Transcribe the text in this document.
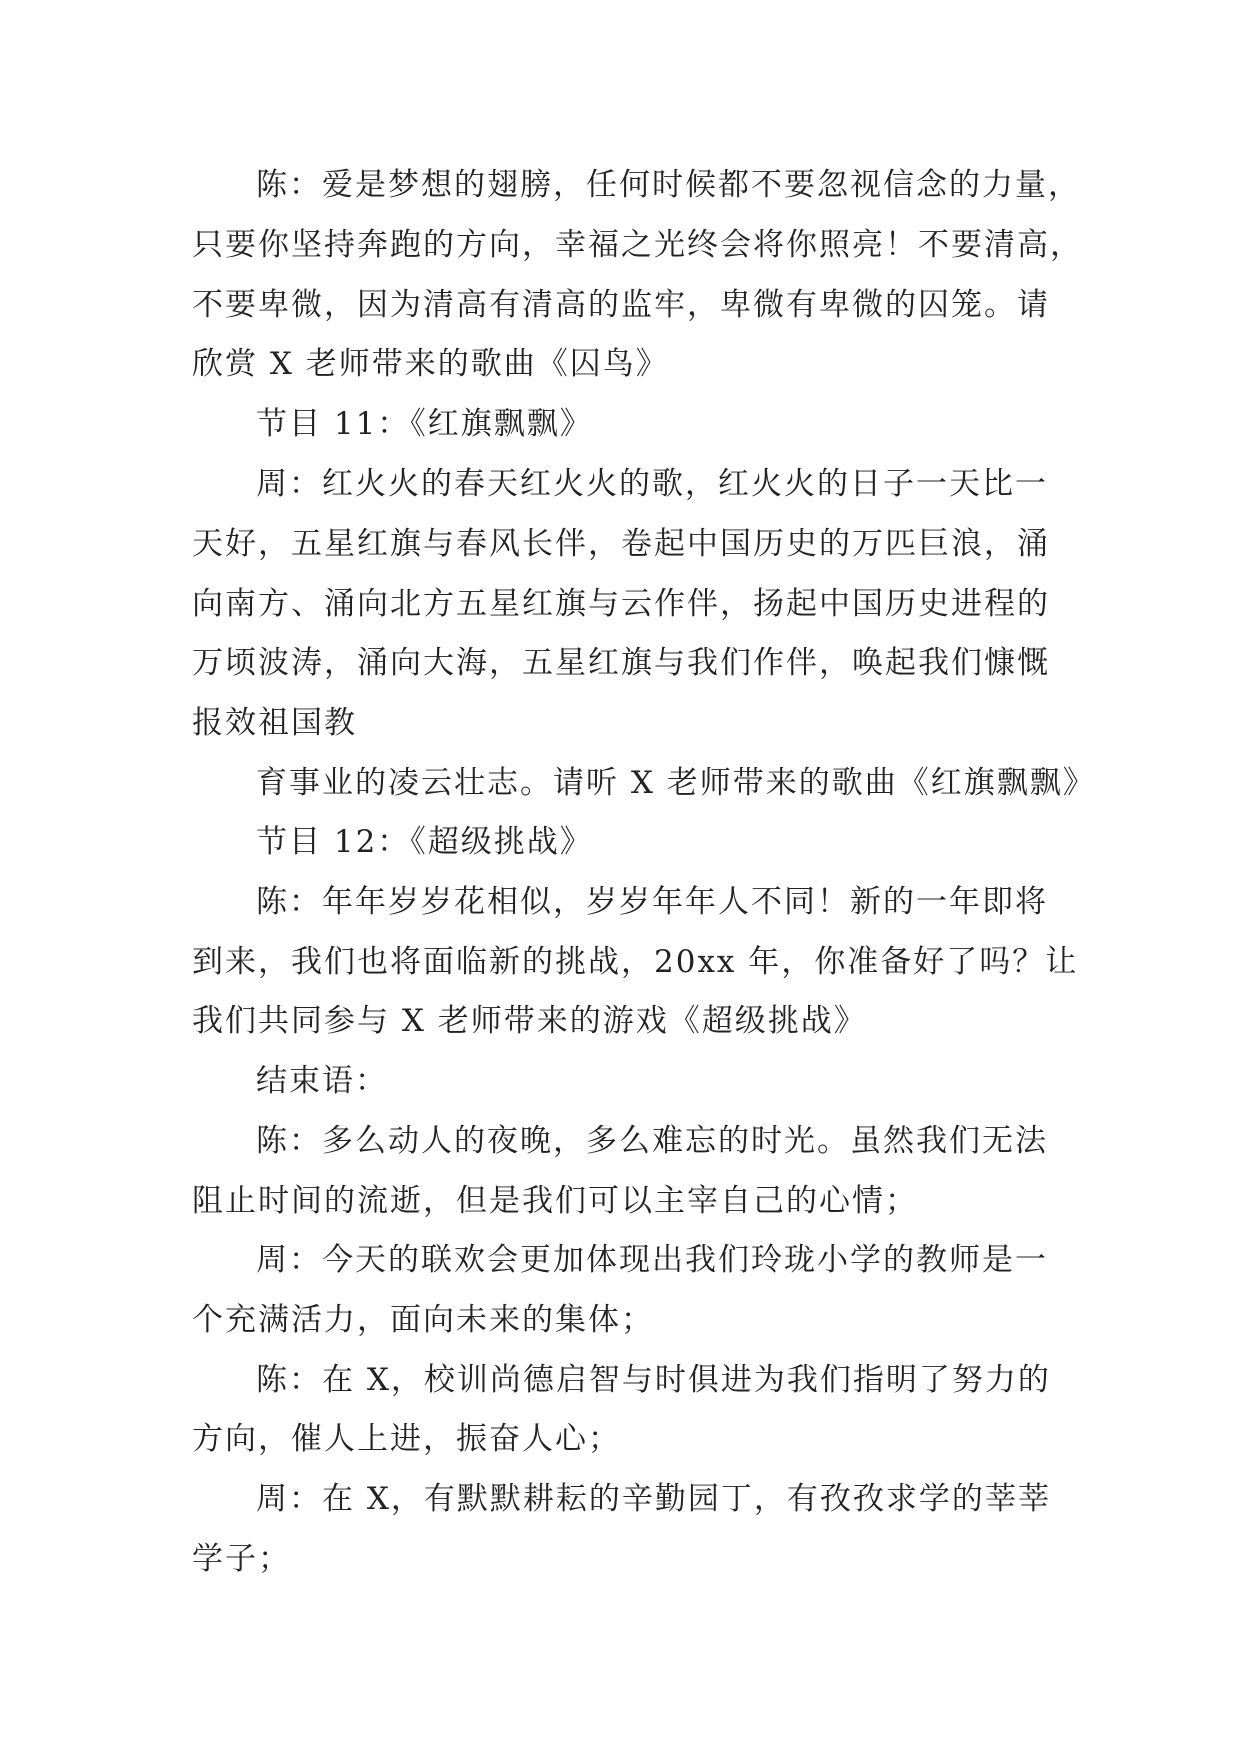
陈：爱是梦想的翅膀，任何时候都不要忽视信念的力量，
只要你坚持奔跑的方向，幸福之光终会将你照亮！不要清高，
不要卑微，因为清高有清高的监牢，卑微有卑微的囚笼。请
欣赏 X 老师带来的歌曲《囚鸟》
节目 11：《红旗飘飘》
周：红火火的春天红火火的歌，红火火的日子一天比一
天好，五星红旗与春风长伴，卷起中国历史的万匹巨浪，涌
向南方、涌向北方五星红旗与云作伴，扬起中国历史进程的
万顷波涛，涌向大海，五星红旗与我们作伴，唤起我们慷慨
报效祖国教
育事业的凌云壮志。请听 X 老师带来的歌曲《红旗飘飘》
节目 12：《超级挑战》
陈：年年岁岁花相似，岁岁年年人不同！新的一年即将
到来，我们也将面临新的挑战，20xx 年，你准备好了吗？让
我们共同参与 X 老师带来的游戏《超级挑战》
结束语：
陈：多么动人的夜晚，多么难忘的时光。虽然我们无法
阻止时间的流逝，但是我们可以主宰自己的心情；
周：今天的联欢会更加体现出我们玲珑小学的教师是一
个充满活力，面向未来的集体；
陈：在 X，校训尚德启智与时俱进为我们指明了努力的
方向，催人上进，振奋人心；
周：在 X，有默默耕耘的辛勤园丁，有孜孜求学的莘莘
学子；
